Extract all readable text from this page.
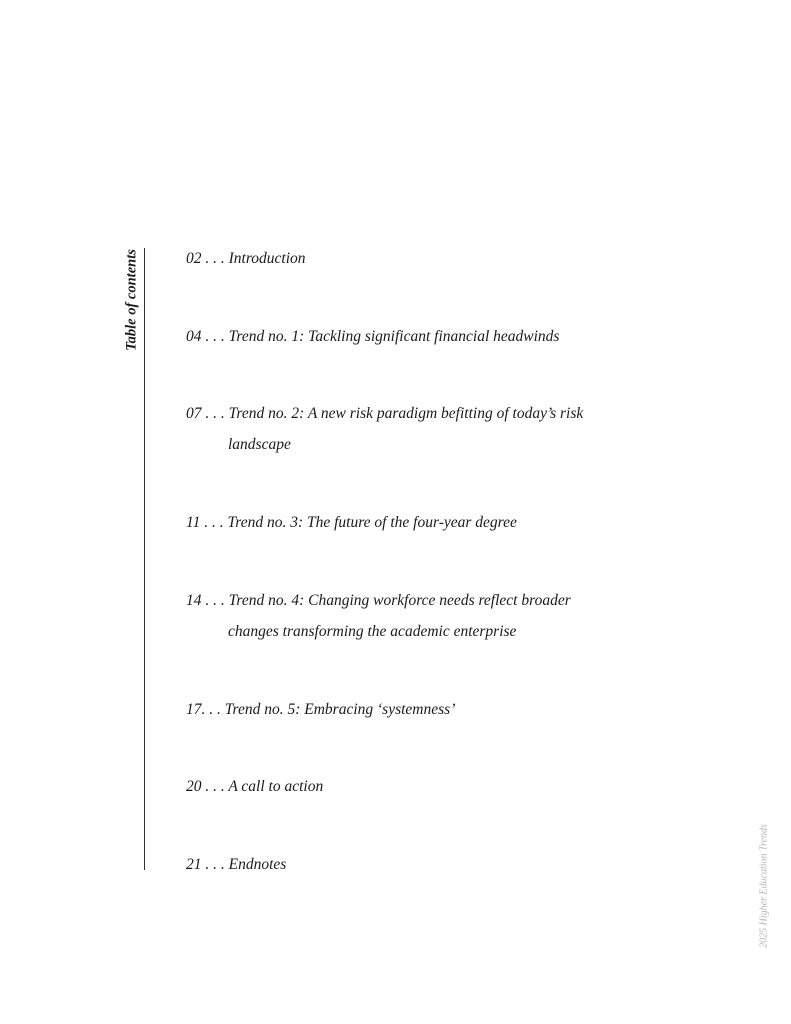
Table of contents	02 . . . Introduction
04 . . . Trend no. 1: Tackling significant financial headwinds
07 . . . Trend no. 2: A new risk paradigm befitting of today’s risk
landscape
11 . . . Trend no. 3: The future of the four-year degree
14 . . . Trend no. 4: Changing workforce needs reflect broader
changes transforming the academic enterprise
17. . . Trend no. 5: Embracing ‘systemness’
20 . . . A call to action
21 . . . Endnotes	2025 Higher Education Trends
